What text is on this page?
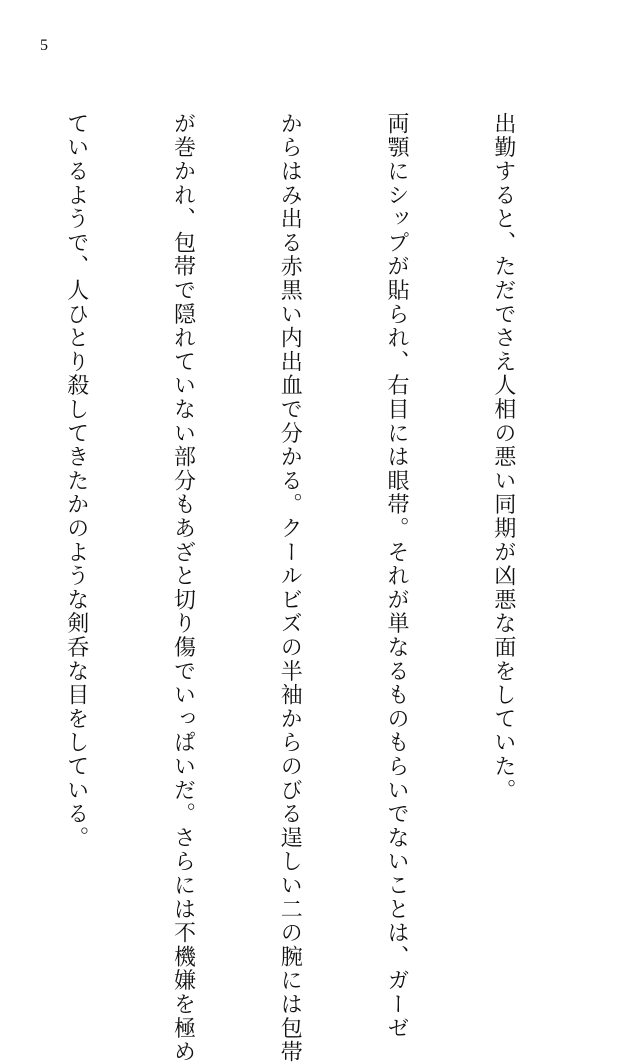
5

出勤すると、ただでさえ人相の悪い同期が凶悪な面をしていた。

両顎にシップが貼られ、右目には眼帯。それが単なるものもらいでないことは、ガーゼ

からはみ出る赤黒い内出血で分かる。クールビズの半袖からのびる逞しい二の腕には包帯

が巻かれ、包帯で隠れていない部分もあざと切り傷でいっぱいだ。さらには不機嫌を極め

ているようで、人ひとり殺してきたかのような剣呑な目をしている。
